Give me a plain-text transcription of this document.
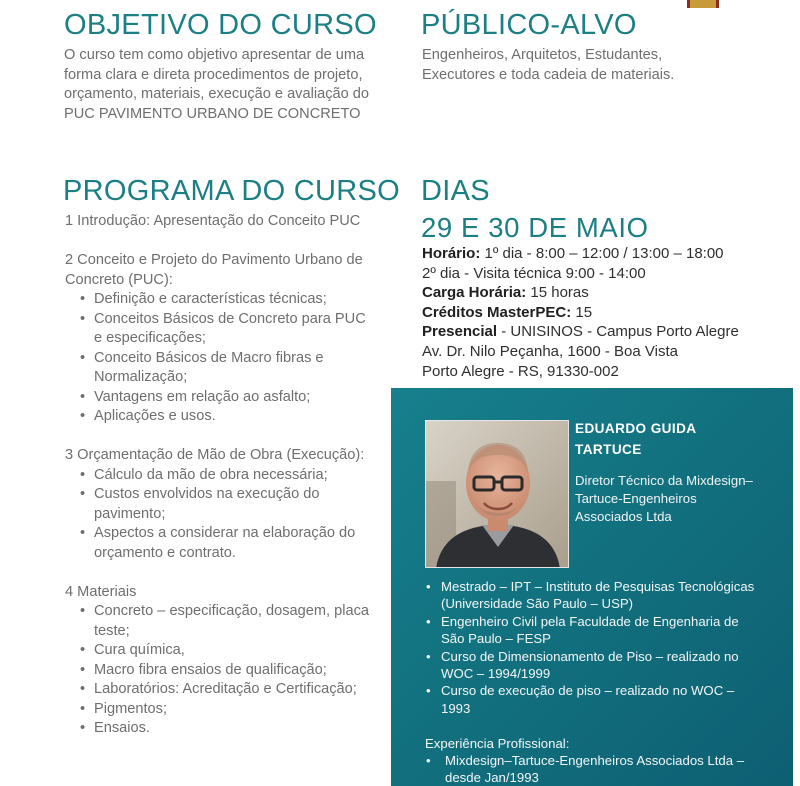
OBJETIVO DO CURSO
O curso tem como objetivo apresentar de uma forma clara e direta procedimentos de projeto, orçamento, materiais, execução e avaliação do PUC PAVIMENTO URBANO DE CONCRETO
PÚBLICO-ALVO
Engenheiros, Arquitetos, Estudantes, Executores e toda cadeia de materiais.
PROGRAMA DO CURSO
1 Introdução: Apresentação do Conceito PUC
2 Conceito e Projeto do Pavimento Urbano de Concreto (PUC):
• Definição e características técnicas;
• Conceitos Básicos de Concreto para PUC e especificações;
• Conceito Básicos de Macro fibras e Normalização;
• Vantagens em relação ao asfalto;
• Aplicações e usos.
3 Orçamentação de Mão de Obra (Execução):
• Cálculo da mão de obra necessária;
• Custos envolvidos na execução do pavimento;
• Aspectos a considerar na elaboração do orçamento e contrato.
4 Materiais
• Concreto – especificação, dosagem, placa teste;
• Cura química,
• Macro fibra ensaios de qualificação;
• Laboratórios: Acreditação e Certificação;
• Pigmentos;
• Ensaios.
DIAS
29 E 30 DE MAIO
Horário: 1º dia - 8:00 – 12:00 / 13:00 – 18:00
2º dia - Visita técnica 9:00 - 14:00
Carga Horária: 15 horas
Créditos MasterPEC: 15
Presencial - UNISINOS - Campus Porto Alegre
Av. Dr. Nilo Peçanha, 1600 - Boa Vista
Porto Alegre - RS, 91330-002
EDUARDO GUIDA
TARTUCE
Diretor Técnico da Mixdesign–Tartuce-Engenheiros Associados Ltda
• Mestrado – IPT – Instituto de Pesquisas Tecnológicas (Universidade São Paulo – USP)
• Engenheiro Civil pela Faculdade de Engenharia de São Paulo – FESP
• Curso de Dimensionamento de Piso – realizado no WOC – 1994/1999
• Curso de execução de piso – realizado no WOC – 1993
Experiência Profissional:
• Mixdesign–Tartuce-Engenheiros Associados Ltda – desde Jan/1993
